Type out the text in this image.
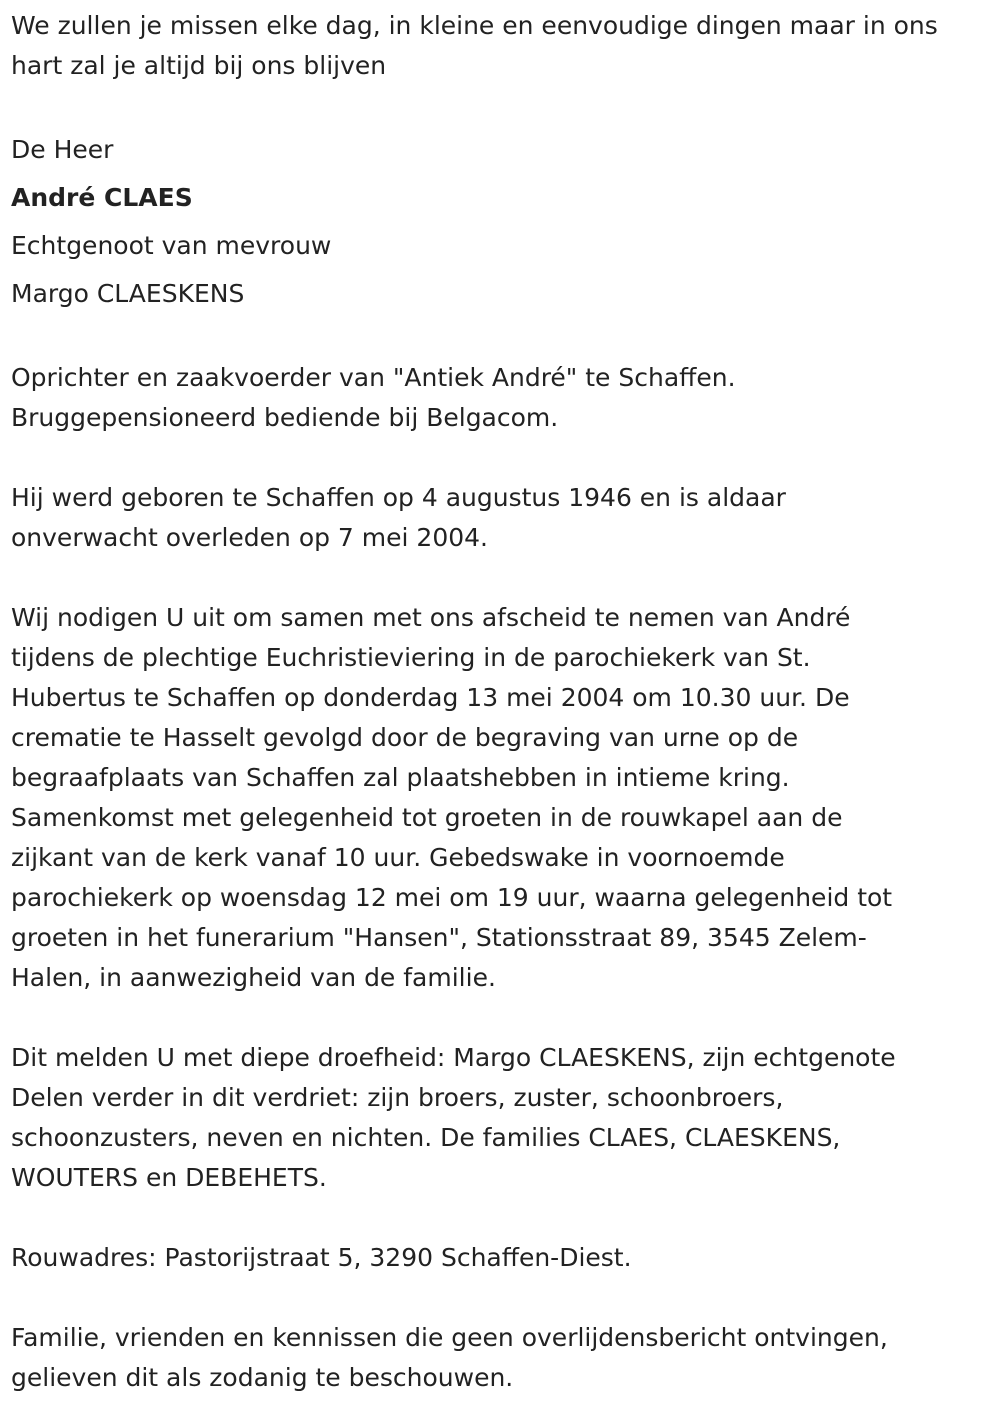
We zullen je missen elke dag, in kleine en eenvoudige dingen maar in ons
hart zal je altijd bij ons blijven

De Heer
André CLAES
Echtgenoot van mevrouw
Margo CLAESKENS

Oprichter en zaakvoerder van "Antiek André" te Schaffen.
Bruggepensioneerd bediende bij Belgacom.

Hij werd geboren te Schaffen op 4 augustus 1946 en is aldaar
onverwacht overleden op 7 mei 2004.

Wij nodigen U uit om samen met ons afscheid te nemen van André
tijdens de plechtige Euchristieviering in de parochiekerk van St.
Hubertus te Schaffen op donderdag 13 mei 2004 om 10.30 uur. De
crematie te Hasselt gevolgd door de begraving van urne op de
begraafplaats van Schaffen zal plaatshebben in intieme kring.
Samenkomst met gelegenheid tot groeten in de rouwkapel aan de
zijkant van de kerk vanaf 10 uur. Gebedswake in voornoemde
parochiekerk op woensdag 12 mei om 19 uur, waarna gelegenheid tot
groeten in het funerarium "Hansen", Stationsstraat 89, 3545 Zelem-
Halen, in aanwezigheid van de familie.

Dit melden U met diepe droefheid: Margo CLAESKENS, zijn echtgenote
Delen verder in dit verdriet: zijn broers, zuster, schoonbroers,
schoonzusters, neven en nichten. De families CLAES, CLAESKENS,
WOUTERS en DEBEHETS.

Rouwadres: Pastorijstraat 5, 3290 Schaffen-Diest.

Familie, vrienden en kennissen die geen overlijdensbericht ontvingen,
gelieven dit als zodanig te beschouwen.
